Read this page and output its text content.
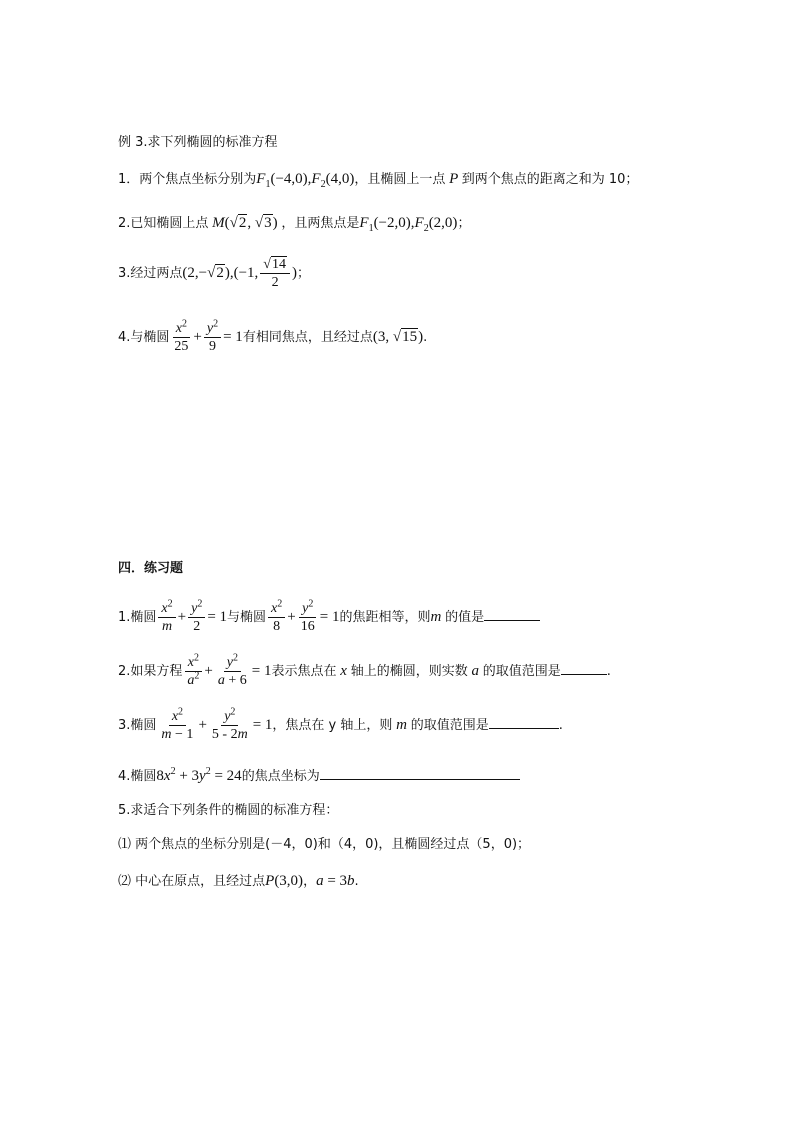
例 3.求下列椭圆的标准方程
1．两个焦点坐标分别为$F_1(-4,0),F_2(4,0)$，且椭圆上一点 P 到两个焦点的距离之和为 10；
2.已知椭圆上点 M(√2, √3) ，且两焦点是$F_1(-2,0),F_2(2,0)$；
3.经过两点(2,−√2),(−1, $\frac{√14}{2}$ )；
4.与椭圆 $\frac{x^2}{25} + \frac{y^2}{9} = 1$有相同焦点，且经过点(3, √15).
四．练习题
1.椭圆 $\frac{x^2}{m} + \frac{y^2}{2} = 1$与椭圆 $\frac{x^2}{8} + \frac{y^2}{16} = 1$的焦距相等，则m 的值是
2.如果方程 $\frac{x^2}{a^2} + \frac{y^2}{a + 6} = 1$表示焦点在 x 轴上的椭圆，则实数 a 的取值范围是	.
3.椭圆 $\frac{x^2}{m - 1} + \frac{y^2}{5 - 2m} = 1$，焦点在 y 轴上，则 m 的取值范围是	.
4.椭圆$8x^2 + 3y^2 = 24$的焦点坐标为
5.求适合下列条件的椭圆的标准方程：
⑴ 两个焦点的坐标分别是(－4，0)和（4，0)，且椭圆经过点（5，0)；
⑵ 中心在原点，且经过点P(3,0)，a = 3b.
